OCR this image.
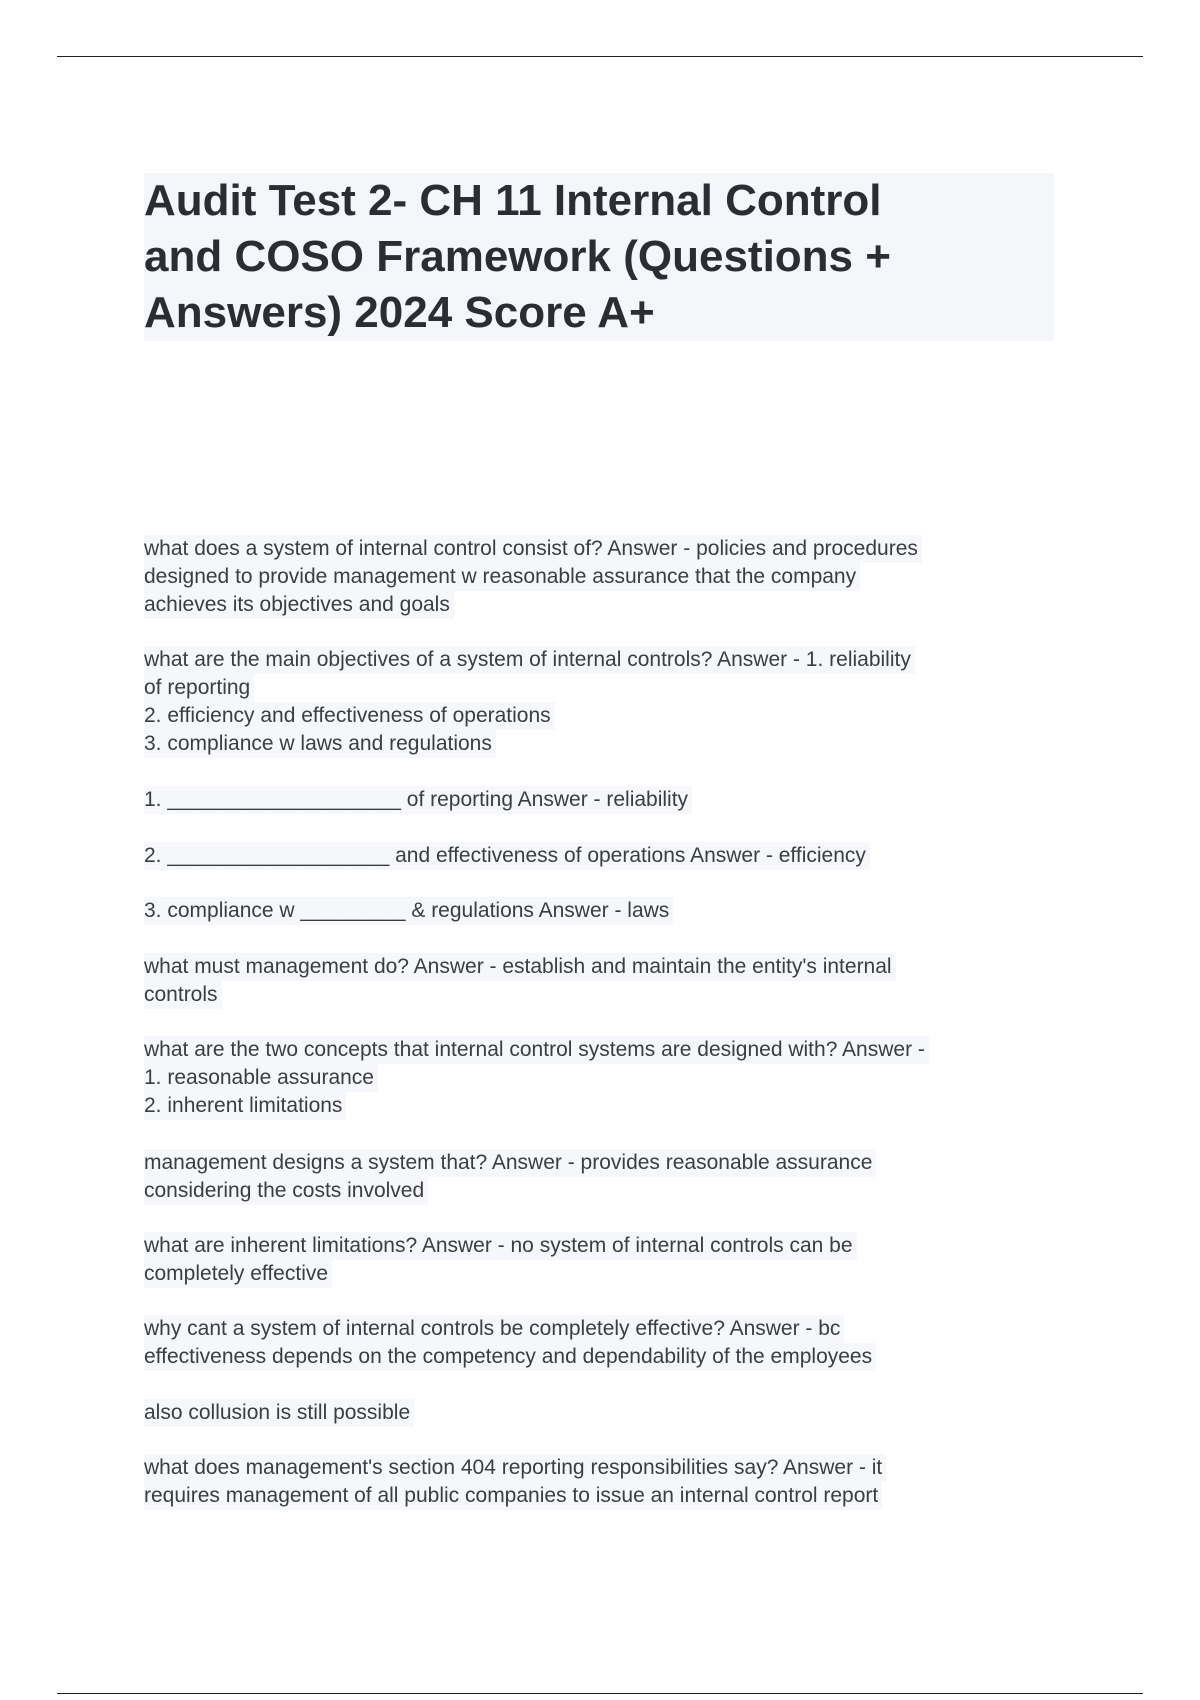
Audit Test 2- CH 11 Internal Control
and COSO Framework (Questions +
Answers) 2024 Score A+
what does a system of internal control consist of? Answer - policies and procedures
designed to provide management w reasonable assurance that the company
achieves its objectives and goals
what are the main objectives of a system of internal controls? Answer - 1. reliability
of reporting
2. efficiency and effectiveness of operations
3. compliance w laws and regulations
1. ____________________ of reporting Answer - reliability
2. ___________________ and effectiveness of operations Answer - efficiency
3. compliance w _________ & regulations Answer - laws
what must management do? Answer - establish and maintain the entity's internal
controls
what are the two concepts that internal control systems are designed with? Answer -
1. reasonable assurance
2. inherent limitations
management designs a system that? Answer - provides reasonable assurance
considering the costs involved
what are inherent limitations? Answer - no system of internal controls can be
completely effective
why cant a system of internal controls be completely effective? Answer - bc
effectiveness depends on the competency and dependability of the employees
also collusion is still possible
what does management's section 404 reporting responsibilities say? Answer - it
requires management of all public companies to issue an internal control report
